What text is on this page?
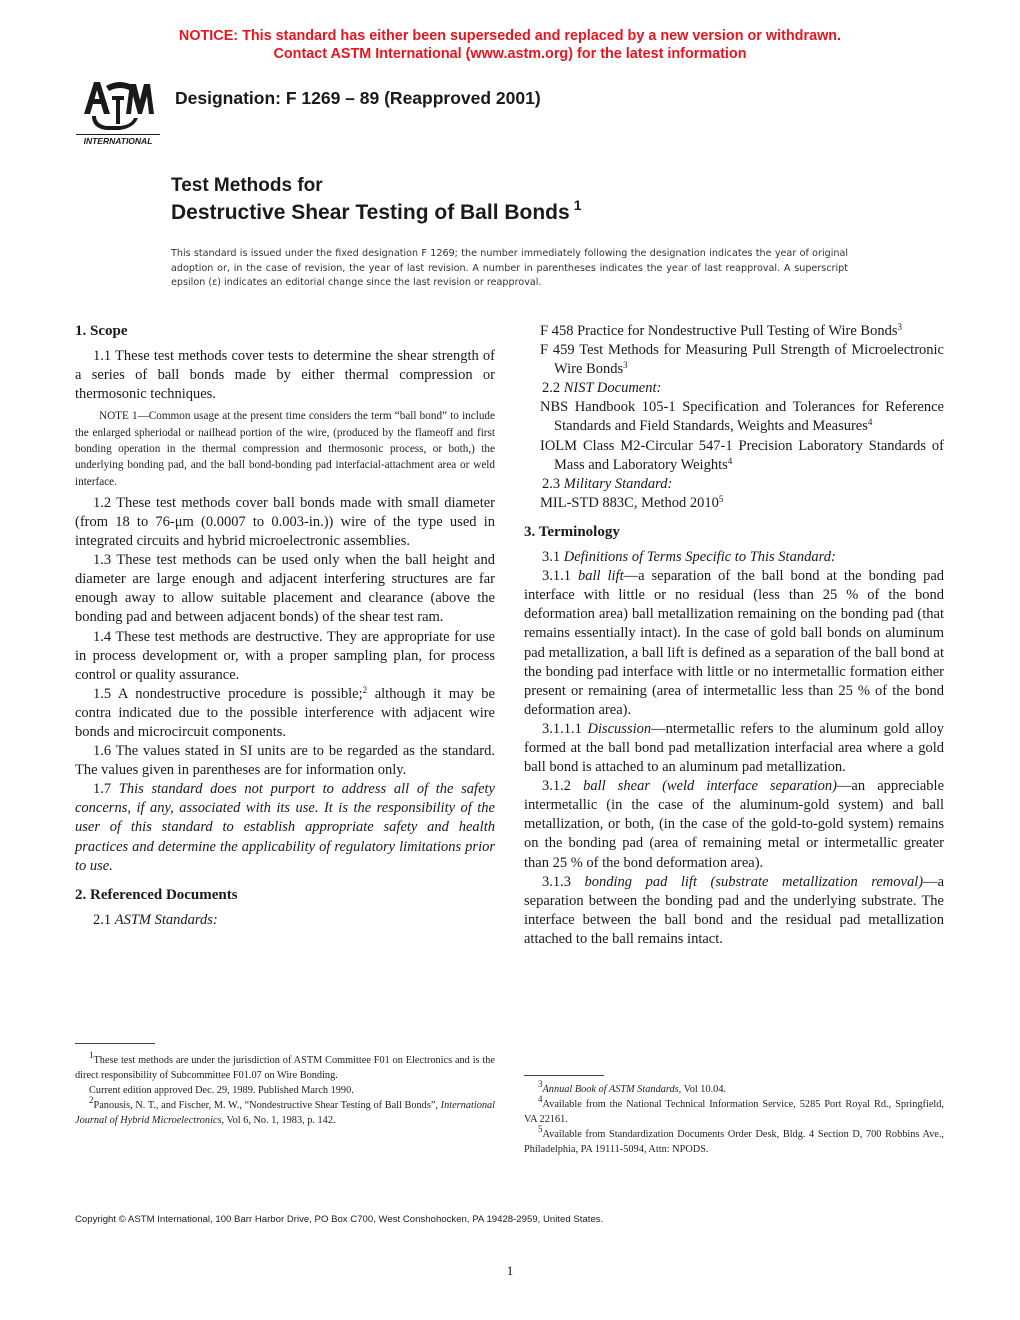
NOTICE: This standard has either been superseded and replaced by a new version or withdrawn.
Contact ASTM International (www.astm.org) for the latest information
INTERNATIONAL
Designation: F 1269 – 89 (Reapproved 2001)
Test Methods for
Destructive Shear Testing of Ball Bonds $^1$
This standard is issued under the fixed designation F 1269; the number immediately following the designation indicates the year of original adoption or, in the case of revision, the year of last revision. A number in parentheses indicates the year of last reapproval. A superscript epsilon (ε) indicates an editorial change since the last revision or reapproval.
1. Scope

1.1 These test methods cover tests to determine the shear strength of a series of ball bonds made by either thermal compression or thermosonic techniques.

NOTE 1—Common usage at the present time considers the term “ball bond” to include the enlarged spheriodal or nailhead portion of the wire, (produced by the flameoff and first bonding operation in the thermal compression and thermosonic process, or both,) the underlying bonding pad, and the ball bond-bonding pad interfacial-attachment area or weld interface.

1.2 These test methods cover ball bonds made with small diameter (from 18 to 76-μm (0.0007 to 0.003-in.)) wire of the type used in integrated circuits and hybrid microelectronic assemblies.

1.3 These test methods can be used only when the ball height and diameter are large enough and adjacent interfering structures are far enough away to allow suitable placement and clearance (above the bonding pad and between adjacent bonds) of the shear test ram.

1.4 These test methods are destructive. They are appropriate for use in process development or, with a proper sampling plan, for process control or quality assurance.

1.5 A nondestructive procedure is possible;$^2$ although it may be contra indicated due to the possible interference with adjacent wire bonds and microcircuit components.

1.6 The values stated in SI units are to be regarded as the standard. The values given in parentheses are for information only.

1.7 This standard does not purport to address all of the safety concerns, if any, associated with its use. It is the responsibility of the user of this standard to establish appropriate safety and health practices and determine the applicability of regulatory limitations prior to use.

2. Referenced Documents

2.1 ASTM Standards:

$^1$These test methods are under the jurisdiction of ASTM Committee F01 on Electronics and is the direct responsibility of Subcommittee F01.07 on Wire Bonding.

Current edition approved Dec. 29, 1989. Published March 1990.

$^2$Panousis, N. T., and Fischer, M. W., “Nondestructive Shear Testing of Ball Bonds”, International Journal of Hybrid Microelectronics, Vol 6, No. 1, 1983, p. 142.

F 458 Practice for Nondestructive Pull Testing of Wire Bonds$^3$

F 459 Test Methods for Measuring Pull Strength of Microelectronic Wire Bonds$^3$

2.2 NIST Document:

NBS Handbook 105-1 Specification and Tolerances for Reference Standards and Field Standards, Weights and Measures$^4$

IOLM Class M2-Circular 547-1 Precision Laboratory Standards of Mass and Laboratory Weights$^4$

2.3 Military Standard:

MIL-STD 883C, Method 2010$^5$

3. Terminology

3.1 Definitions of Terms Specific to This Standard:

3.1.1 ball lift—a separation of the ball bond at the bonding pad interface with little or no residual (less than 25 % of the bond deformation area) ball metallization remaining on the bonding pad (that remains essentially intact). In the case of gold ball bonds on aluminum pad metallization, a ball lift is defined as a separation of the ball bond at the bonding pad interface with little or no intermetallic formation either present or remaining (area of intermetallic less than 25 % of the bond deformation area).

3.1.1.1 Discussion—ntermetallic refers to the aluminum gold alloy formed at the ball bond pad metallization interfacial area where a gold ball bond is attached to an aluminum pad metallization.

3.1.2 ball shear (weld interface separation)—an appreciable intermetallic (in the case of the aluminum-gold system) and ball metallization, or both, (in the case of the gold-to-gold system) remains on the bonding pad (area of remaining metal or intermetallic greater than 25 % of the bond deformation area).

3.1.3 bonding pad lift (substrate metallization removal)—a separation between the bonding pad and the underlying substrate. The interface between the ball bond and the residual pad metallization attached to the ball remains intact.

$^3$Annual Book of ASTM Standards, Vol 10.04.

$^4$Available from the National Technical Information Service, 5285 Port Royal Rd., Springfield, VA 22161.

$^5$Available from Standardization Documents Order Desk, Bldg. 4 Section D, 700 Robbins Ave., Philadelphia, PA 19111-5094, Attn: NPODS.

Copyright © ASTM International, 100 Barr Harbor Drive, PO Box C700, West Conshohocken, PA 19428-2959, United States.
1
